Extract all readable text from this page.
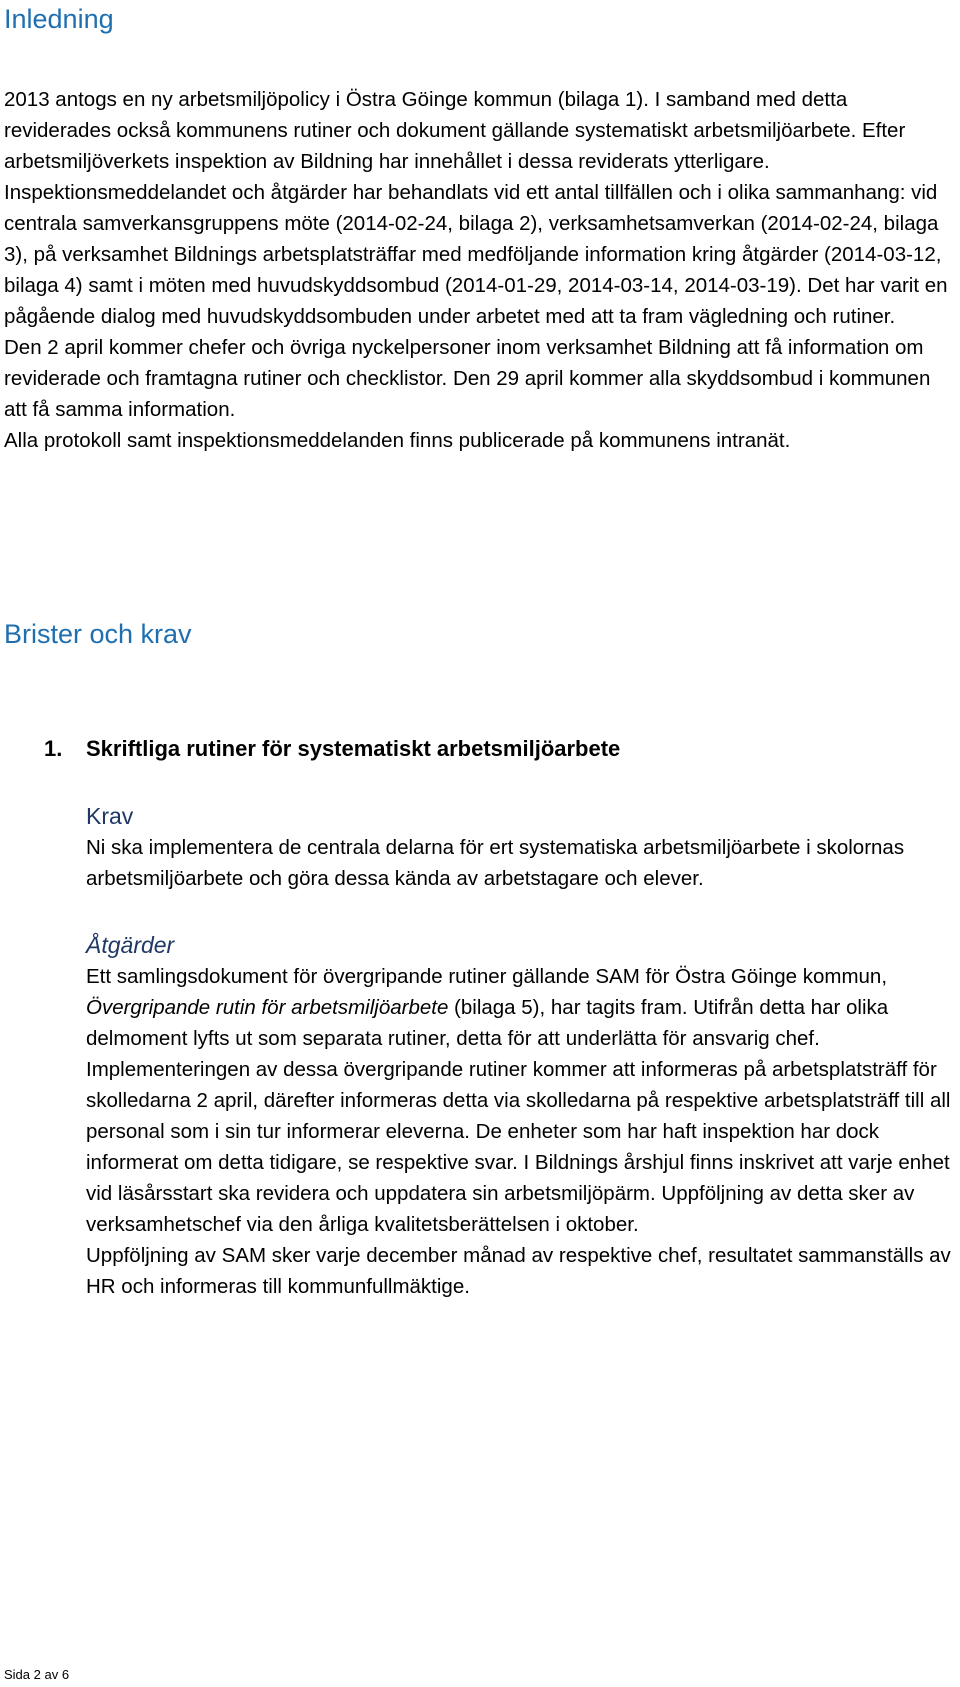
Inledning

2013 antogs en ny arbetsmiljöpolicy i Östra Göinge kommun (bilaga 1). I samband med detta reviderades också kommunens rutiner och dokument gällande systematiskt arbetsmiljöarbete. Efter arbetsmiljöverkets inspektion av Bildning har innehållet i dessa reviderats ytterligare.

Inspektionsmeddelandet och åtgärder har behandlats vid ett antal tillfällen och i olika sammanhang: vid centrala samverkansgruppens möte (2014-02-24, bilaga 2), verksamhetsamverkan (2014-02-24, bilaga 3), på verksamhet Bildnings arbetsplatsträffar med medföljande information kring åtgärder (2014-03-12, bilaga 4) samt i möten med huvudskyddsombud (2014-01-29, 2014-03-14, 2014-03-19). Det har varit en pågående dialog med huvudskyddsombuden under arbetet med att ta fram vägledning och rutiner.

Den 2 april kommer chefer och övriga nyckelpersoner inom verksamhet Bildning att få information om reviderade och framtagna rutiner och checklistor. Den 29 april kommer alla skyddsombud i kommunen att få samma information.

Alla protokoll samt inspektionsmeddelanden finns publicerade på kommunens intranät.

Brister och krav
1. Skriftliga rutiner för systematiskt arbetsmiljöarbete
Krav

Ni ska implementera de centrala delarna för ert systematiska arbetsmiljöarbete i skolornas arbetsmiljöarbete och göra dessa kända av arbetstagare och elever.

Åtgärder

Ett samlingsdokument för övergripande rutiner gällande SAM för Östra Göinge kommun, Övergripande rutin för arbetsmiljöarbete (bilaga 5), har tagits fram. Utifrån detta har olika delmoment lyfts ut som separata rutiner, detta för att underlätta för ansvarig chef.

Implementeringen av dessa övergripande rutiner kommer att informeras på arbetsplatsträff för skolledarna 2 april, därefter informeras detta via skolledarna på respektive arbetsplatsträff till all personal som i sin tur informerar eleverna. De enheter som har haft inspektion har dock informerat om detta tidigare, se respektive svar. I Bildnings årshjul finns inskrivet att varje enhet vid läsårsstart ska revidera och uppdatera sin arbetsmiljöpärm. Uppföljning av detta sker av verksamhetschef via den årliga kvalitetsberättelsen i oktober.

Uppföljning av SAM sker varje december månad av respektive chef, resultatet sammanställs av HR och informeras till kommunfullmäktige.

Sida 2 av 6
